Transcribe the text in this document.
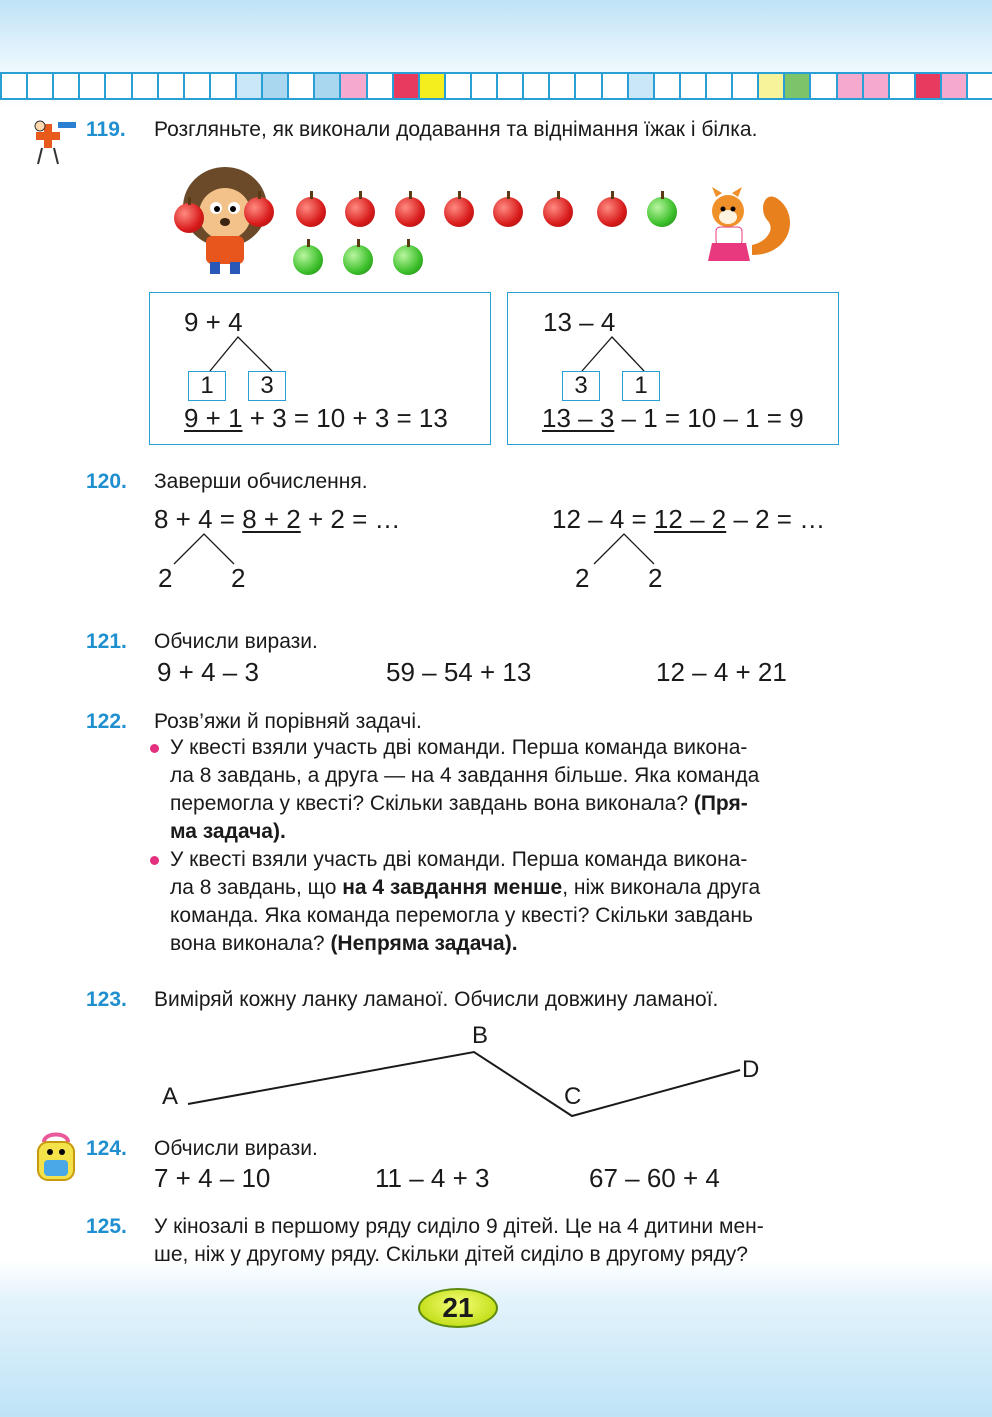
119. Розгляньте, як виконали додавання та віднімання їжак і білка.
9 + 4
1	3
9 + 1 + 3 = 10 + 3 = 13
13 – 4
3	1
13 – 3 – 1 = 10 – 1 = 9
120. Заверши обчислення.
8 + 4 = 8 + 2 + 2 = …
2 2
12 – 4 = 12 – 2 – 2 = …
2 2
121. Обчисли вирази.
9 + 4 – 3	59 – 54 + 13	12 – 4 + 21
122. Розв’яжи й порівняй задачі.
У квесті взяли участь дві команди. Перша команда викона-
ла 8 завдань, а друга — на 4 завдання більше. Яка команда
перемогла у квесті? Скільки завдань вона виконала? (Пря-
ма задача).
У квесті взяли участь дві команди. Перша команда викона-
ла 8 завдань, що на 4 завдання менше, ніж виконала друга
команда. Яка команда перемогла у квесті? Скільки завдань
вона виконала? (Непряма задача).
123. Виміряй кожну ланку ламаної. Обчисли довжину ламаної.
A
B
C
D
124. Обчисли вирази.
7 + 4 – 10	11 – 4 + 3	67 – 60 + 4
125. У кінозалі в першому ряду сиділо 9 дітей. Це на 4 дитини мен-
ше, ніж у другому ряду. Скільки дітей сиділо в другому ряду?
21
